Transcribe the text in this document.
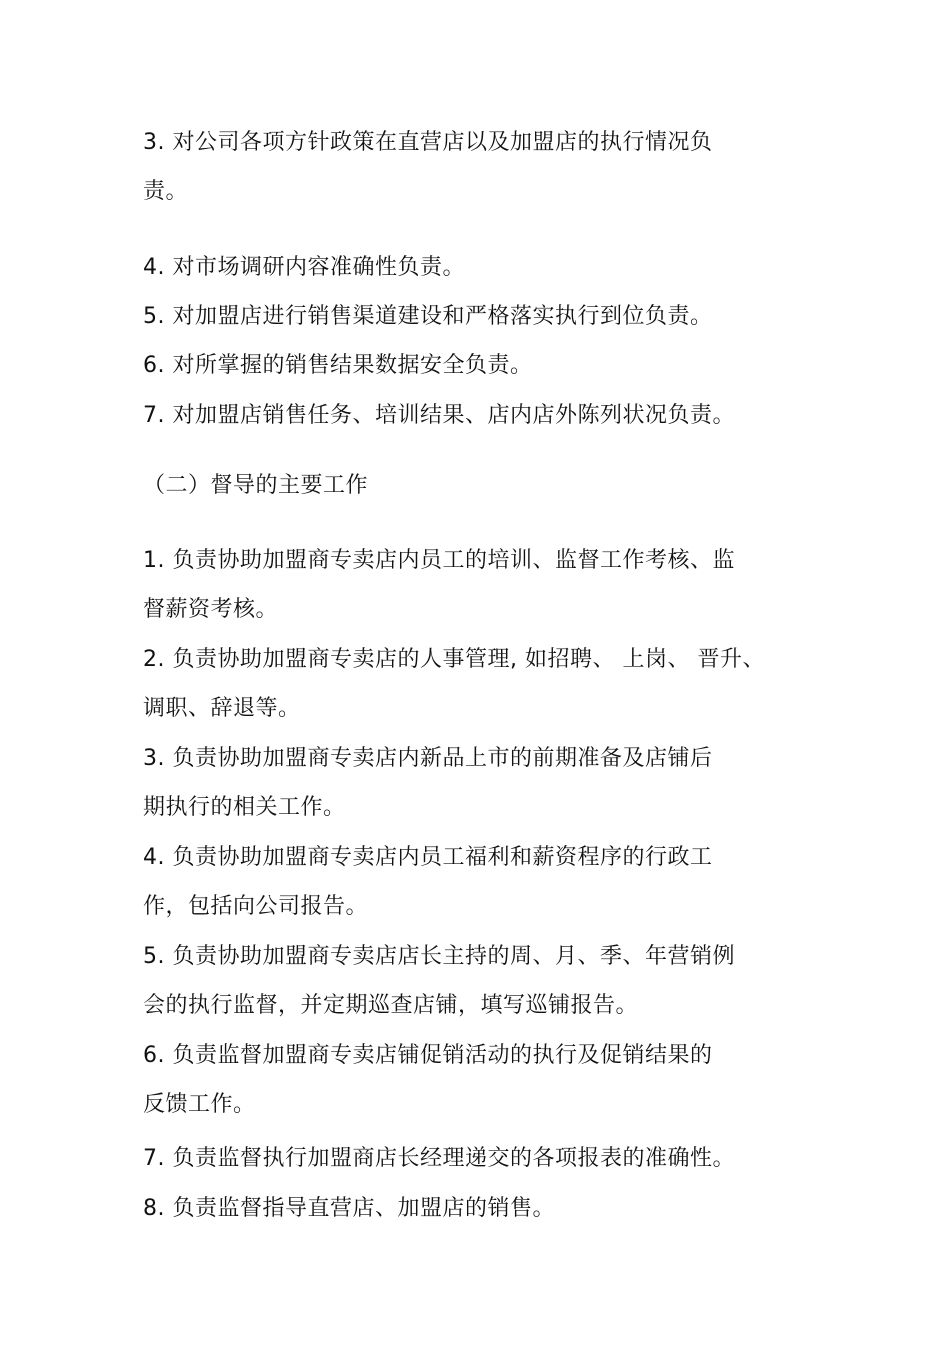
3. 对公司各项方针政策在直营店以及加盟店的执行情况负
责。
4. 对市场调研内容准确性负责。
5. 对加盟店进行销售渠道建设和严格落实执行到位负责。
6. 对所掌握的销售结果数据安全负责。
7. 对加盟店销售任务、培训结果、店内店外陈列状况负责。
（二）督导的主要工作
1. 负责协助加盟商专卖店内员工的培训、监督工作考核、监
督薪资考核。
2. 负责协助加盟商专卖店的人事管理, 如招聘、 上岗、 晋升、
调职、辞退等。
3. 负责协助加盟商专卖店内新品上市的前期准备及店铺后
期执行的相关工作。
4. 负责协助加盟商专卖店内员工福利和薪资程序的行政工
作，包括向公司报告。
5. 负责协助加盟商专卖店店长主持的周、月、季、年营销例
会的执行监督，并定期巡查店铺，填写巡铺报告。
6. 负责监督加盟商专卖店铺促销活动的执行及促销结果的
反馈工作。
7. 负责监督执行加盟商店长经理递交的各项报表的准确性。
8. 负责监督指导直营店、加盟店的销售。
